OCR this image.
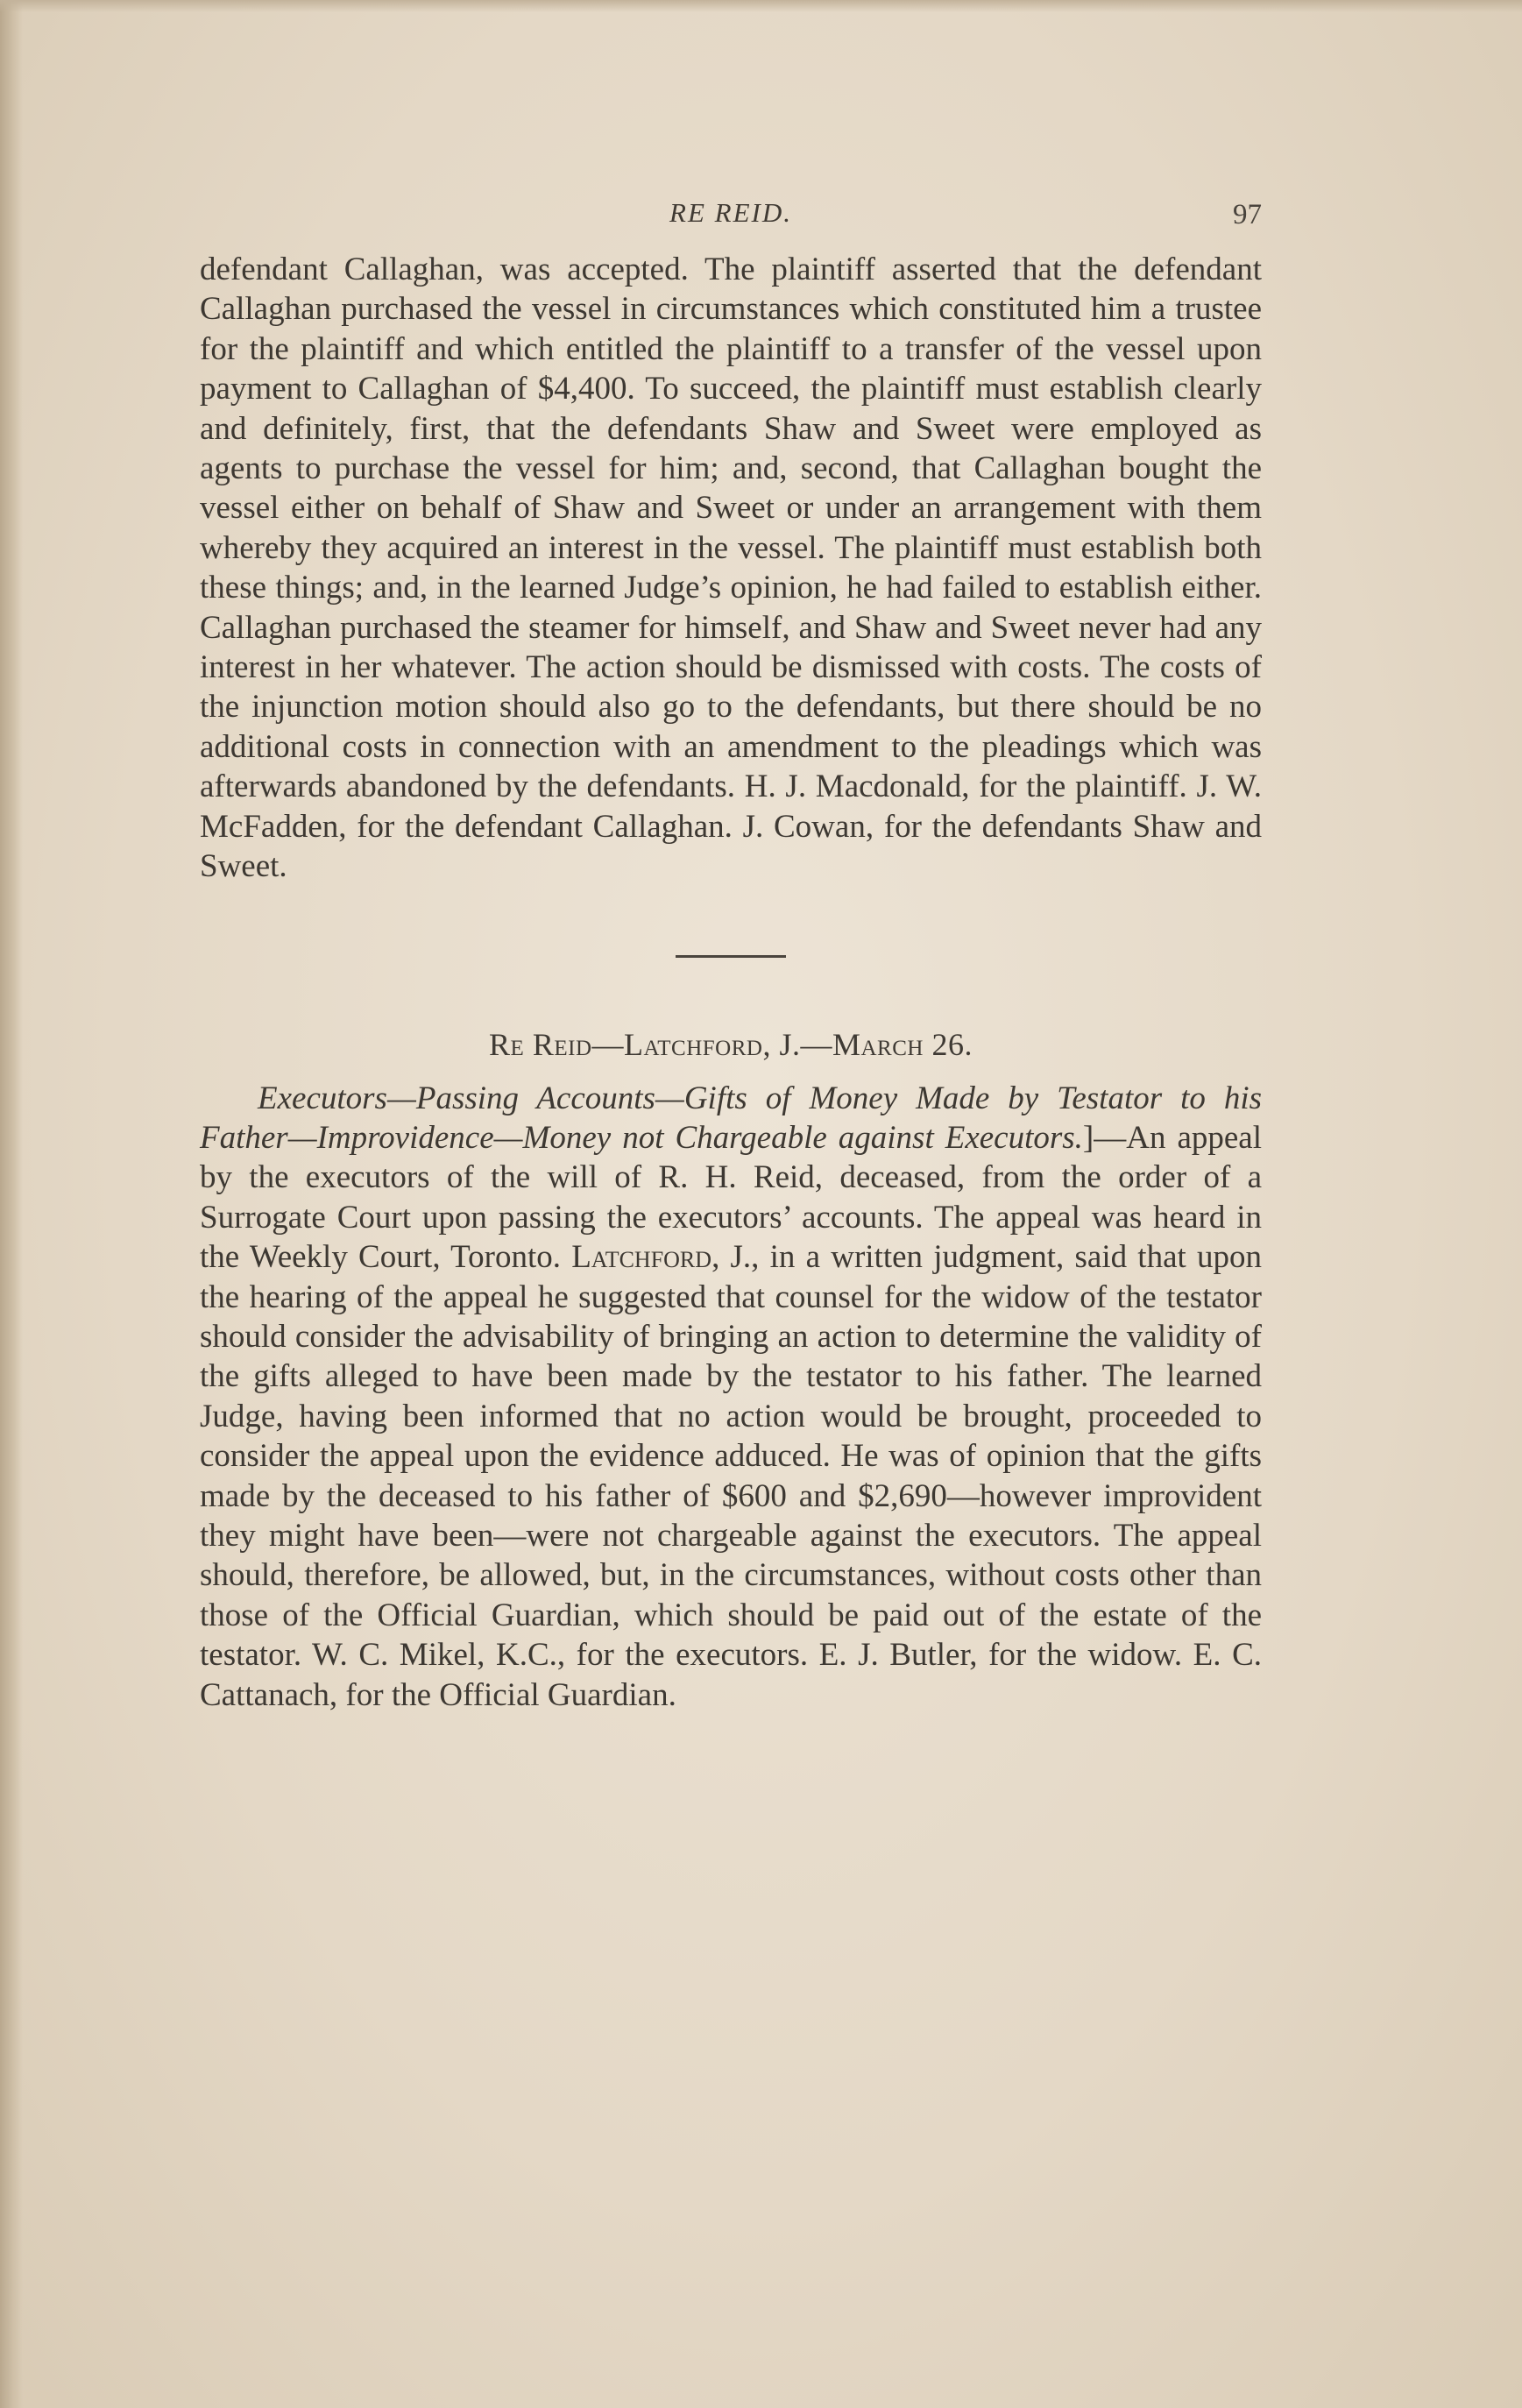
RE REID.	97

defendant Callaghan, was accepted. The plaintiff asserted that the defendant Callaghan purchased the vessel in circumstances which constituted him a trustee for the plaintiff and which entitled the plaintiff to a transfer of the vessel upon payment to Callaghan of $4,400. To succeed, the plaintiff must establish clearly and definitely, first, that the defendants Shaw and Sweet were employed as agents to purchase the vessel for him; and, second, that Callaghan bought the vessel either on behalf of Shaw and Sweet or under an arrangement with them whereby they acquired an interest in the vessel. The plaintiff must establish both these things; and, in the learned Judge’s opinion, he had failed to establish either. Callaghan purchased the steamer for himself, and Shaw and Sweet never had any interest in her whatever. The action should be dismissed with costs. The costs of the injunction motion should also go to the defendants, but there should be no additional costs in connection with an amendment to the pleadings which was afterwards abandoned by the defendants. H. J. Macdonald, for the plaintiff. J. W. McFadden, for the defendant Callaghan. J. Cowan, for the defendants Shaw and Sweet.

Re Reid—Latchford, J.—March 26.

Executors—Passing Accounts—Gifts of Money Made by Testator to his Father—Improvidence—Money not Chargeable against Executors.]—An appeal by the executors of the will of R. H. Reid, deceased, from the order of a Surrogate Court upon passing the executors’ accounts. The appeal was heard in the Weekly Court, Toronto. Latchford, J., in a written judgment, said that upon the hearing of the appeal he suggested that counsel for the widow of the testator should consider the advisability of bringing an action to determine the validity of the gifts alleged to have been made by the testator to his father. The learned Judge, having been informed that no action would be brought, proceeded to consider the appeal upon the evidence adduced. He was of opinion that the gifts made by the deceased to his father of $600 and $2,690—however improvident they might have been—were not chargeable against the executors. The appeal should, therefore, be allowed, but, in the circumstances, without costs other than those of the Official Guardian, which should be paid out of the estate of the testator. W. C. Mikel, K.C., for the executors. E. J. Butler, for the widow. E. C. Cattanach, for the Official Guardian.
